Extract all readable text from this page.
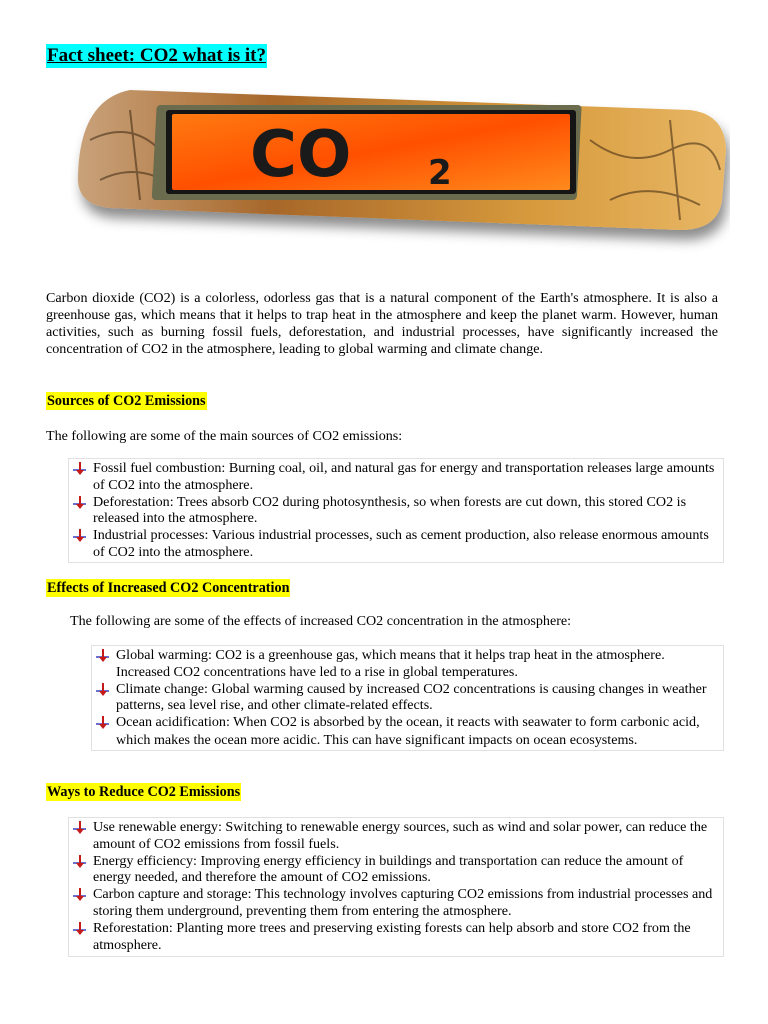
Fact sheet: CO2 what is it?
CO 2
Carbon dioxide (CO2) is a colorless, odorless gas that is a natural component of the Earth's atmosphere. It is also a greenhouse gas, which means that it helps to trap heat in the atmosphere and keep the planet warm. However, human activities, such as burning fossil fuels, deforestation, and industrial processes, have significantly increased the concentration of CO2 in the atmosphere, leading to global warming and climate change.
Sources of CO2 Emissions
The following are some of the main sources of CO2 emissions:
Fossil fuel combustion: Burning coal, oil, and natural gas for energy and transportation releases large amounts of CO2 into the atmosphere.
Deforestation: Trees absorb CO2 during photosynthesis, so when forests are cut down, this stored CO2 is released into the atmosphere.
Industrial processes: Various industrial processes, such as cement production, also release enormous amounts of CO2 into the atmosphere.
Effects of Increased CO2 Concentration
The following are some of the effects of increased CO2 concentration in the atmosphere:
Global warming: CO2 is a greenhouse gas, which means that it helps trap heat in the atmosphere. Increased CO2 concentrations have led to a rise in global temperatures.
Climate change: Global warming caused by increased CO2 concentrations is causing changes in weather patterns, sea level rise, and other climate-related effects.
Ocean acidification: When CO2 is absorbed by the ocean, it reacts with seawater to form carbonic acid, which makes the ocean more acidic. This can have significant impacts on ocean ecosystems.
Ways to Reduce CO2 Emissions
Use renewable energy: Switching to renewable energy sources, such as wind and solar power, can reduce the amount of CO2 emissions from fossil fuels.
Energy efficiency: Improving energy efficiency in buildings and transportation can reduce the amount of energy needed, and therefore the amount of CO2 emissions.
Carbon capture and storage: This technology involves capturing CO2 emissions from industrial processes and storing them underground, preventing them from entering the atmosphere.
Reforestation: Planting more trees and preserving existing forests can help absorb and store CO2 from the atmosphere.
